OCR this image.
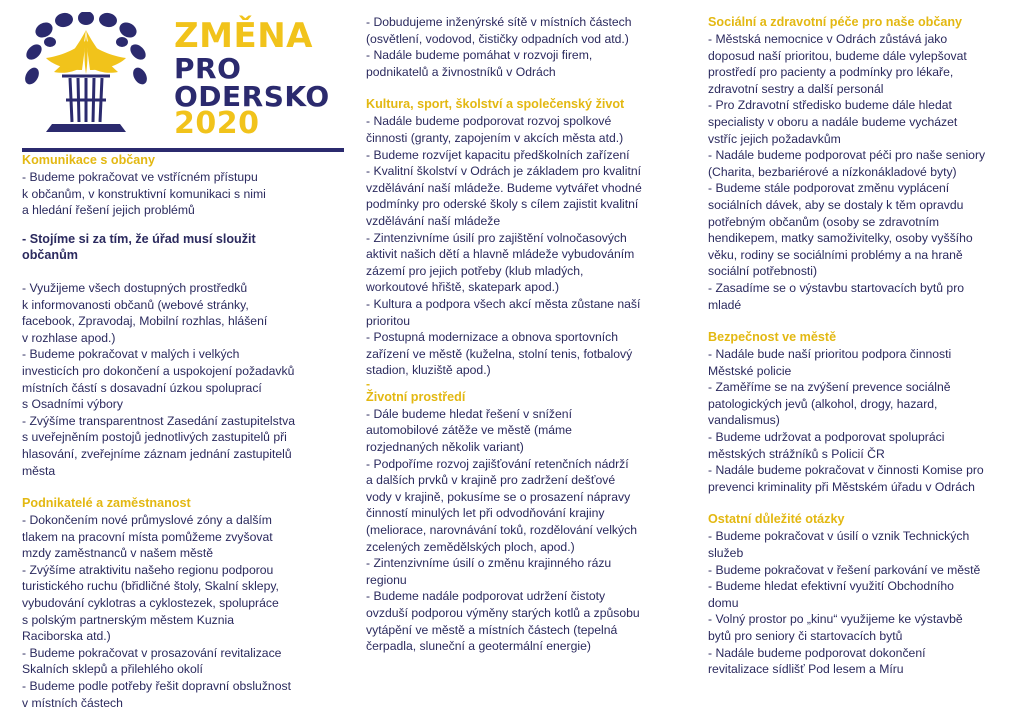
ZMĚNA
PRO
ODERSKO
2020
Komunikace s občany

- Budeme pokračovat ve vstřícném přístupu
k občanům, v konstruktivní komunikaci s nimi
a hledání řešení jejich problémů

- Stojíme si za tím, že úřad musí sloužit
občanům

- Využijeme všech dostupných prostředků
k informovanosti občanů (webové stránky,
facebook, Zpravodaj, Mobilní rozhlas, hlášení
v rozhlase apod.)
- Budeme pokračovat v malých i velkých
investicích pro dokončení a uspokojení požadavků
místních částí s dosavadní úzkou spoluprací
s Osadními výbory
- Zvýšíme transparentnost Zasedání zastupitelstva
s uveřejněním postojů jednotlivých zastupitelů při
hlasování, zveřejníme záznam jednání zastupitelů
města

Podnikatelé a zaměstnanost

- Dokončením nové průmyslové zóny a dalším
tlakem na pracovní místa pomůžeme zvyšovat
mzdy zaměstnanců v našem městě
- Zvýšíme atraktivitu našeho regionu podporou
turistického ruchu (břidličné štoly, Skalní sklepy,
vybudování cyklotras a cyklostezek, spolupráce
s polským partnerským městem Kuznia
Raciborska atd.)
- Budeme pokračovat v prosazování revitalizace
Skalních sklepů a přilehlého okolí
- Budeme podle potřeby řešit dopravní obslužnost
v místních částech

- Dobudujeme inženýrské sítě v místních částech
(osvětlení, vodovod, čističky odpadních vod atd.)
- Nadále budeme pomáhat v rozvoji firem,
podnikatelů a živnostníků v Odrách

Kultura, sport, školství a společenský život

- Nadále budeme podporovat rozvoj spolkové
činnosti (granty, zapojením v akcích města atd.)
- Budeme rozvíjet kapacitu předškolních zařízení
- Kvalitní školství v Odrách je základem pro kvalitní
vzdělávání naší mládeže. Budeme vytvářet vhodné
podmínky pro oderské školy s cílem zajistit kvalitní
vzdělávání naší mládeže
- Zintenzivníme úsilí pro zajištění volnočasových
aktivit našich dětí a hlavně mládeže vybudováním
zázemí pro jejich potřeby (klub mladých,
workoutové hřiště, skatepark apod.)
- Kultura a podpora všech akcí města zůstane naší
prioritou
- Postupná modernizace a obnova sportovních
zařízení ve městě (kuželna, stolní tenis, fotbalový
stadion, kluziště apod.)

-
Životní prostředí

- Dále budeme hledat řešení v snížení
automobilové zátěže ve městě (máme
rozjednaných několik variant)
- Podpoříme rozvoj zajišťování retenčních nádrží
a dalších prvků v krajině pro zadržení dešťové
vody v krajině, pokusíme se o prosazení nápravy
činností minulých let při odvodňování krajiny
(meliorace, narovnávání toků, rozdělování velkých
zcelených zemědělských ploch, apod.)
- Zintenzivníme úsilí o změnu krajinného rázu
regionu
- Budeme nadále podporovat udržení čistoty
ovzduší podporou výměny starých kotlů a způsobu
vytápění ve městě a místních částech (tepelná
čerpadla, sluneční a geotermální energie)

Sociální a zdravotní péče pro naše občany

- Městská nemocnice v Odrách zůstává jako
doposud naší prioritou, budeme dále vylepšovat
prostředí pro pacienty a podmínky pro lékaře,
zdravotní sestry a další personál
- Pro Zdravotní středisko budeme dále hledat
specialisty v oboru a nadále budeme vycházet
vstříc jejich požadavkům
- Nadále budeme podporovat péči pro naše seniory
(Charita, bezbariérové a nízkonákladové byty)
- Budeme stále podporovat změnu vyplácení
sociálních dávek, aby se dostaly k těm opravdu
potřebným občanům (osoby se zdravotním
hendikepem, matky samoživitelky, osoby vyššího
věku, rodiny se sociálními problémy a na hraně
sociální potřebnosti)
- Zasadíme se o výstavbu startovacích bytů pro
mladé

Bezpečnost ve městě

- Nadále bude naší prioritou podpora činnosti
Městské policie
- Zaměříme se na zvýšení prevence sociálně
patologických jevů (alkohol, drogy, hazard,
vandalismus)
- Budeme udržovat a podporovat spolupráci
městských strážníků s Policií ČR
- Nadále budeme pokračovat v činnosti Komise pro
prevenci kriminality při Městském úřadu v Odrách

Ostatní důležité otázky

- Budeme pokračovat v úsilí o vznik Technických
služeb
- Budeme pokračovat v řešení parkování ve městě
- Budeme hledat efektivní využití Obchodního
domu
- Volný prostor po „kinu“ využijeme ke výstavbě
bytů pro seniory či startovacích bytů
- Nadále budeme podporovat dokončení
revitalizace sídlišť Pod lesem a Míru
